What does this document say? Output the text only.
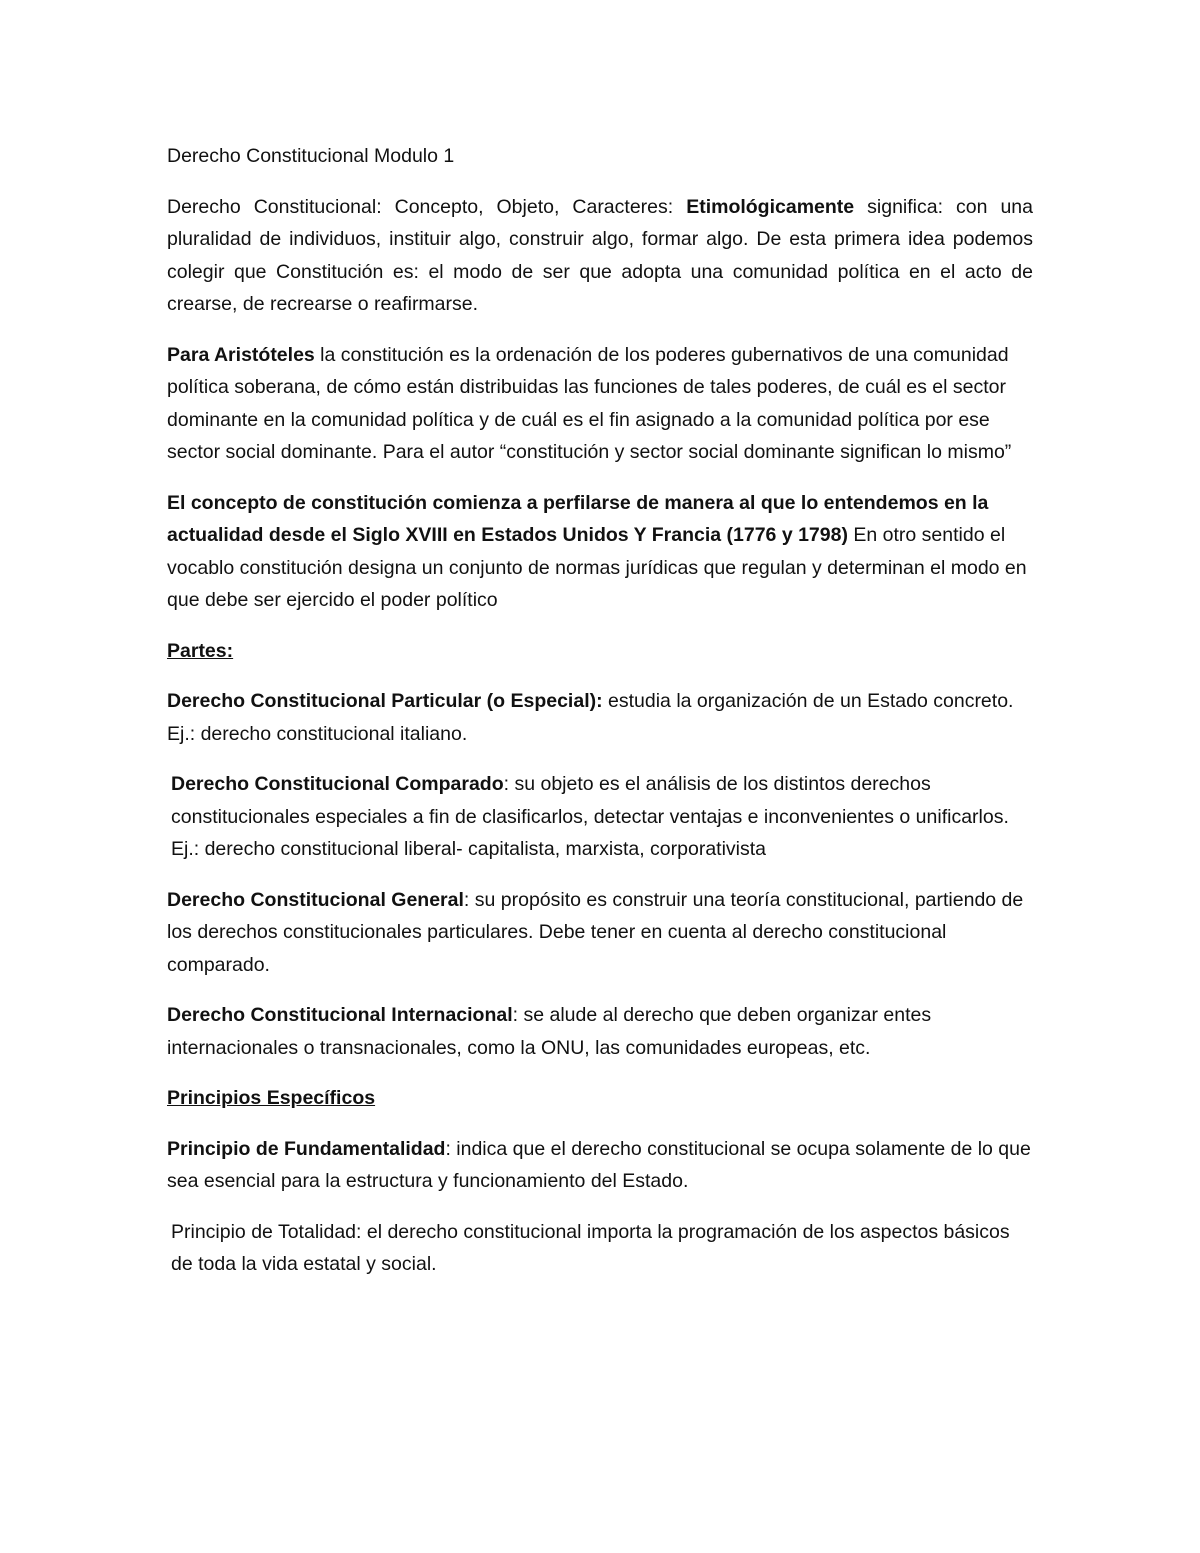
Derecho Constitucional Modulo 1

Derecho Constitucional: Concepto, Objeto, Caracteres: Etimológicamente significa: con una pluralidad de individuos, instituir algo, construir algo, formar algo. De esta primera idea podemos colegir que Constitución es: el modo de ser que adopta una comunidad política en el acto de crearse, de recrearse o reafirmarse.

Para Aristóteles la constitución es la ordenación de los poderes gubernativos de una comunidad política soberana, de cómo están distribuidas las funciones de tales poderes, de cuál es el sector dominante en la comunidad política y de cuál es el fin asignado a la comunidad política por ese sector social dominante. Para el autor “constitución y sector social dominante significan lo mismo”

El concepto de constitución comienza a perfilarse de manera al que lo entendemos en la actualidad desde el Siglo XVIII en Estados Unidos Y Francia (1776 y 1798) En otro sentido el vocablo constitución designa un conjunto de normas jurídicas que regulan y determinan el modo en que debe ser ejercido el poder político

Partes:

Derecho Constitucional Particular (o Especial): estudia la organización de un Estado concreto. Ej.: derecho constitucional italiano.

Derecho Constitucional Comparado: su objeto es el análisis de los distintos derechos constitucionales especiales a fin de clasificarlos, detectar ventajas e inconvenientes o unificarlos. Ej.: derecho constitucional liberal- capitalista, marxista, corporativista

Derecho Constitucional General: su propósito es construir una teoría constitucional, partiendo de los derechos constitucionales particulares. Debe tener en cuenta al derecho constitucional comparado.

Derecho Constitucional Internacional: se alude al derecho que deben organizar entes internacionales o transnacionales, como la ONU, las comunidades europeas, etc.

Principios Específicos

Principio de Fundamentalidad: indica que el derecho constitucional se ocupa solamente de lo que sea esencial para la estructura y funcionamiento del Estado.

Principio de Totalidad: el derecho constitucional importa la programación de los aspectos básicos de toda la vida estatal y social.
